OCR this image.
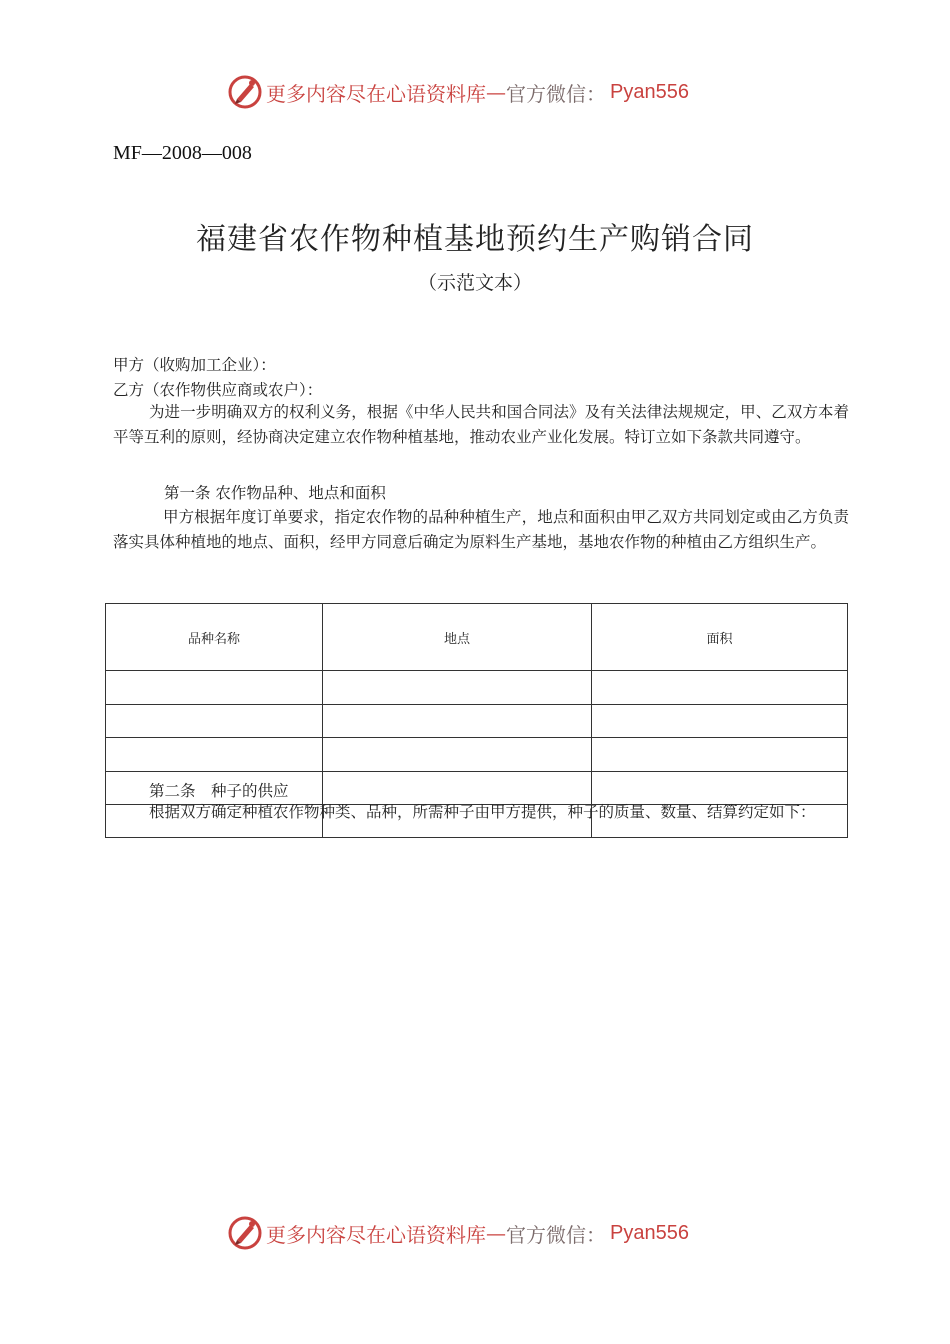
更多内容尽在心语资料库 — 官方微信： Pyan556
MF—2008—008
福建省农作物种植基地预约生产购销合同
（示范文本）
甲方（收购加工企业）：
乙方（农作物供应商或农户）：
为进一步明确双方的权利义务，根据《中华人民共和国合同法》及有关法律法规规定，甲、乙双方本着平等互利的原则，经协商决定建立农作物种植基地，推动农业产业化发展。特订立如下条款共同遵守。
第一条 农作物品种、地点和面积
甲方根据年度订单要求，指定农作物的品种种植生产，地点和面积由甲乙双方共同划定或由乙方负责落实具体种植地的地点、面积，经甲方同意后确定为原料生产基地，基地农作物的种植由乙方组织生产。
品种名称	地点	面积

第二条　种子的供应
根据双方确定种植农作物种类、品种，所需种子由甲方提供，种子的质量、数量、结算约定如下：
更多内容尽在心语资料库 — 官方微信： Pyan556
